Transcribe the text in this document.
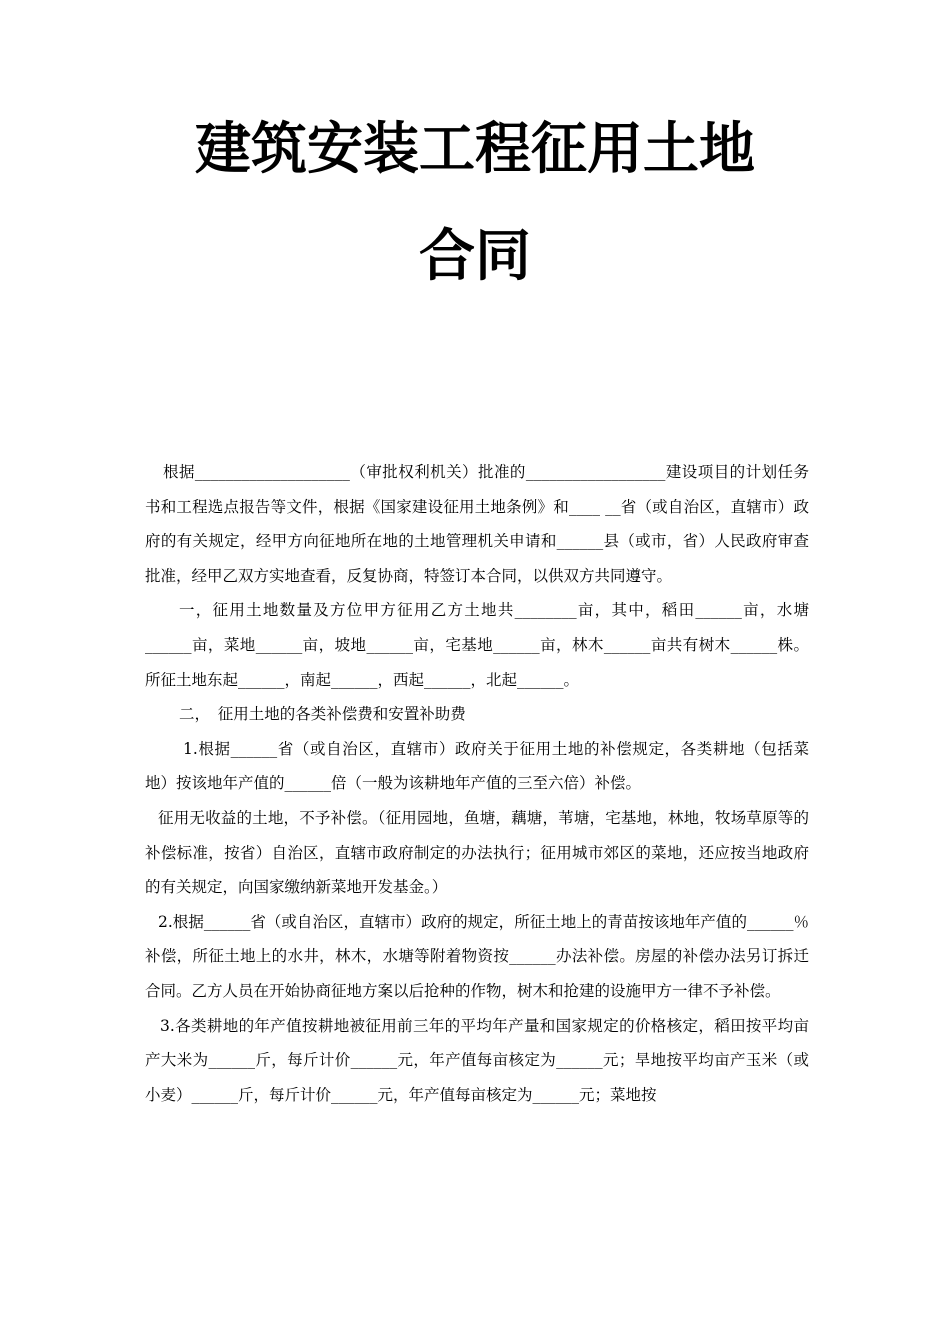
建筑安装工程征用土地
合同

根据____________________（审批权利机关）批准的__________________建设项目的计划任务书和工程选点报告等文件，根据《国家建设征用土地条例》和____ __省（或自治区，直辖市）政府的有关规定，经甲方向征地所在地的土地管理机关申请和______县（或市，省）人民政府审查批准，经甲乙双方实地查看，反复协商，特签订本合同，以供双方共同遵守。

一，征用土地数量及方位甲方征用乙方土地共________亩，其中，稻田______亩，水塘______亩，菜地______亩，坡地______亩，宅基地______亩，林木______亩共有树木______株。所征土地东起______，南起______，西起______，北起______。

二，　征用土地的各类补偿费和安置补助费

1.根据______省（或自治区，直辖市）政府关于征用土地的补偿规定，各类耕地（包括菜地）按该地年产值的______倍（一般为该耕地年产值的三至六倍）补偿。

征用无收益的土地，不予补偿。（征用园地，鱼塘，藕塘，苇塘，宅基地，林地，牧场草原等的补偿标准，按省）自治区，直辖市政府制定的办法执行；征用城市郊区的菜地，还应按当地政府的有关规定，向国家缴纳新菜地开发基金。）

2.根据______省（或自治区，直辖市）政府的规定，所征土地上的青苗按该地年产值的______％补偿，所征土地上的水井，林木，水塘等附着物资按______办法补偿。房屋的补偿办法另订拆迁合同。乙方人员在开始协商征地方案以后抢种的作物，树木和抢建的设施甲方一律不予补偿。

3.各类耕地的年产值按耕地被征用前三年的平均年产量和国家规定的价格核定，稻田按平均亩产大米为______斤，每斤计价______元，年产值每亩核定为______元；旱地按平均亩产玉米（或小麦）______斤，每斤计价______元，年产值每亩核定为______元；菜地按
